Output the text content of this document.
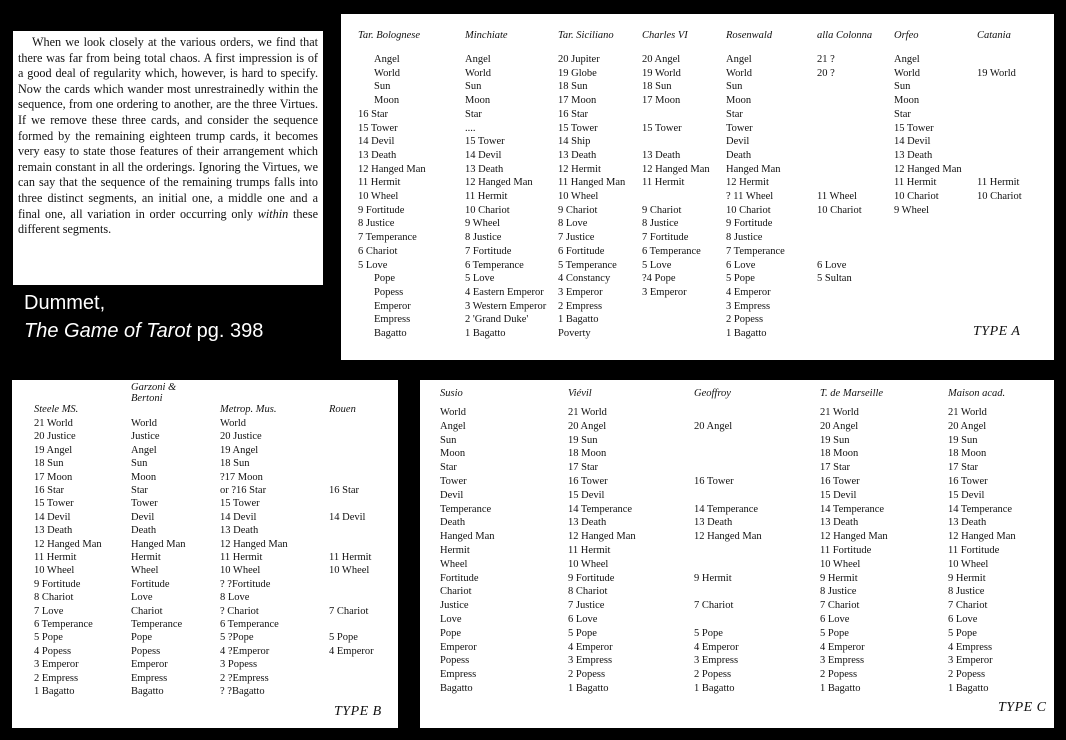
When we look closely at the various orders, we find that there was far from being total chaos. A first impression is of a good deal of regularity which, however, is hard to specify. Now the cards which wander most unrestrainedly within the sequence, from one ordering to another, are the three Virtues. If we remove these three cards, and consider the sequence formed by the remaining eighteen trump cards, it becomes very easy to state those features of their arrangement which remain constant in all the orderings. Ignoring the Virtues, we can say that the sequence of the remaining trumps falls into three distinct segments, an initial one, a middle one and a final one, all variation in order occurring only within these different segments.
Dummet,
The Game of Tarot pg. 398	TYPE A
Tar. Bolognese
Angel
World
Sun
Moon
16 Star
15 Tower
14 Devil
13 Death
12 Hanged Man
11 Hermit
10 Wheel
9 Fortitude
8 Justice
7 Temperance
6 Chariot
5 Love
Pope
Popess
Emperor
Empress
Bagatto
Minchiate
Angel
World
Sun
Moon
Star
....
15 Tower
14 Devil
13 Death
12 Hanged Man
11 Hermit
10 Chariot
9 Wheel
8 Justice
7 Fortitude
6 Temperance
5 Love
4 Eastern Emperor
3 Western Emperor
2 'Grand Duke'
1 Bagatto
Tar. Siciliano
20 Jupiter
19 Globe
18 Sun
17 Moon
16 Star
15 Tower
14 Ship
13 Death
12 Hermit
11 Hanged Man
10 Wheel
9 Chariot
8 Love
7 Justice
6 Fortitude
5 Temperance
4 Constancy
3 Emperor
2 Empress
1 Bagatto
Poverty
Charles VI
20 Angel
19 World
18 Sun
17 Moon
15 Tower
13 Death
12 Hanged Man
11 Hermit
9 Chariot
8 Justice
7 Fortitude
6 Temperance
5 Love
?4 Pope
3 Emperor
Rosenwald
Angel
World
Sun
Moon
Star
Tower
Devil
Death
Hanged Man
12 Hermit
? 11 Wheel
10 Chariot
9 Fortitude
8 Justice
7 Temperance
6 Love
5 Pope
4 Emperor
3 Empress
2 Popess
1 Bagatto
alla Colonna
21 ?
20 ?
11 Wheel
10 Chariot
6 Love
5 Sultan
Orfeo
Angel
World
Sun
Moon
Star
15 Tower
14 Devil
13 Death
12 Hanged Man
11 Hermit
10 Chariot
9 Wheel
Catania
19 World
11 Hermit
10 Chariot
TYPE B
Steele MS.
21 World
20 Justice
19 Angel
18 Sun
17 Moon
16 Star
15 Tower
14 Devil
13 Death
12 Hanged Man
11 Hermit
10 Wheel
9 Fortitude
8 Chariot
7 Love
6 Temperance
5 Pope
4 Popess
3 Emperor
2 Empress
1 Bagatto
Garzoni & Bertoni
World
Justice
Angel
Sun
Moon
Star
Tower
Devil
Death
Hanged Man
Hermit
Wheel
Fortitude
Love
Chariot
Temperance
Pope
Popess
Emperor
Empress
Bagatto
Metrop. Mus.
World
20 Justice
19 Angel
18 Sun
?17 Moon
or ?16 Star
15 Tower
14 Devil
13 Death
12 Hanged Man
11 Hermit
10 Wheel
? ?Fortitude
8 Love
? Chariot
6 Temperance
5 ?Pope
4 ?Emperor
3 Popess
2 ?Empress
? ?Bagatto
Rouen
16 Star
14 Devil
11 Hermit
10 Wheel
7 Chariot
5 Pope
4 Emperor
TYPE C
Susio
World
Angel
Sun
Moon
Star
Tower
Devil
Temperance
Death
Hanged Man
Hermit
Wheel
Fortitude
Chariot
Justice
Love
Pope
Emperor
Popess
Empress
Bagatto
Viévil
21 World
20 Angel
19 Sun
18 Moon
17 Star
16 Tower
15 Devil
14 Temperance
13 Death
12 Hanged Man
11 Hermit
10 Wheel
9 Fortitude
8 Chariot
7 Justice
6 Love
5 Pope
4 Emperor
3 Empress
2 Popess
1 Bagatto
Geoffroy
20 Angel
16 Tower
14 Temperance
13 Death
12 Hanged Man
9 Hermit
7 Chariot
5 Pope
4 Emperor
3 Empress
2 Popess
1 Bagatto
T. de Marseille
21 World
20 Angel
19 Sun
18 Moon
17 Star
16 Tower
15 Devil
14 Temperance
13 Death
12 Hanged Man
11 Fortitude
10 Wheel
9 Hermit
8 Justice
7 Chariot
6 Love
5 Pope
4 Emperor
3 Empress
2 Popess
1 Bagatto
Maison acad.
21 World
20 Angel
19 Sun
18 Moon
17 Star
16 Tower
15 Devil
14 Temperance
13 Death
12 Hanged Man
11 Fortitude
10 Wheel
9 Hermit
8 Justice
7 Chariot
6 Love
5 Pope
4 Empress
3 Emperor
2 Popess
1 Bagatto
